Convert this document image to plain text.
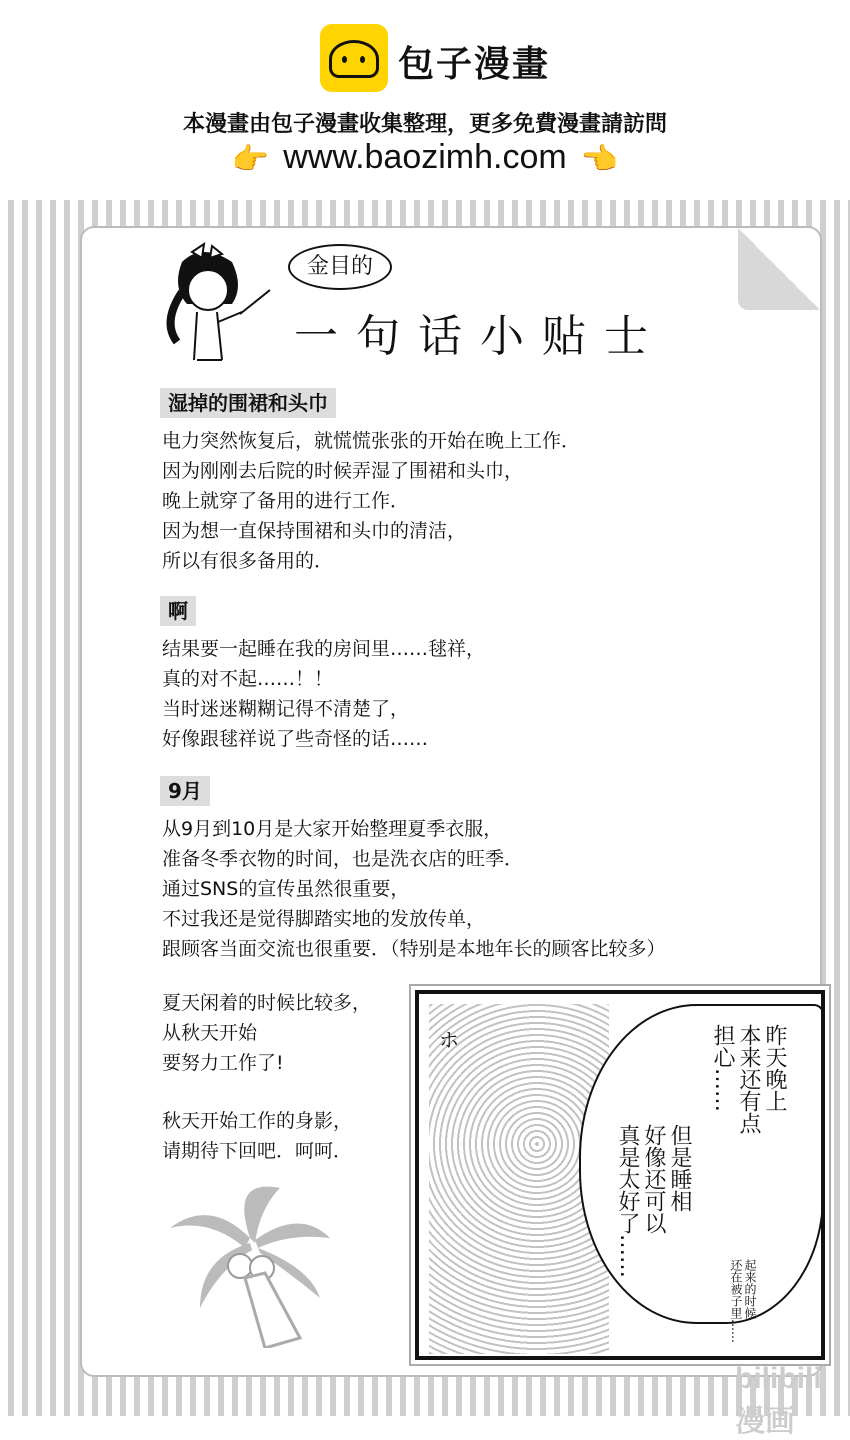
包子漫畫
本漫畫由包子漫畫收集整理，更多免費漫畫請訪問
👉 www.baozimh.com 👈
金目的
一句话小贴士
湿掉的围裙和头巾
电力突然恢复后，就慌慌张张的开始在晚上工作．
因为刚刚去后院的时候弄湿了围裙和头巾，
晚上就穿了备用的进行工作．
因为想一直保持围裙和头巾的清洁，
所以有很多备用的．
啊
结果要一起睡在我的房间里……毬祥，
真的对不起……！！
当时迷迷糊糊记得不清楚了，
好像跟毬祥说了些奇怪的话……
9月
从9月到10月是大家开始整理夏季衣服，
准备冬季衣物的时间，也是洗衣店的旺季．
通过SNS的宣传虽然很重要，
不过我还是觉得脚踏实地的发放传单，
跟顾客当面交流也很重要．（特别是本地年长的顾客比较多）
夏天闲着的时候比较多，
从秋天开始
要努力工作了!
秋天开始工作的身影，
请期待下回吧．呵呵．
ホ	昨天晚上
本来还有点
担心……
但是睡相
好像还可以
真是太好了……
起来的时候
还在被子里……
bilibili漫画
